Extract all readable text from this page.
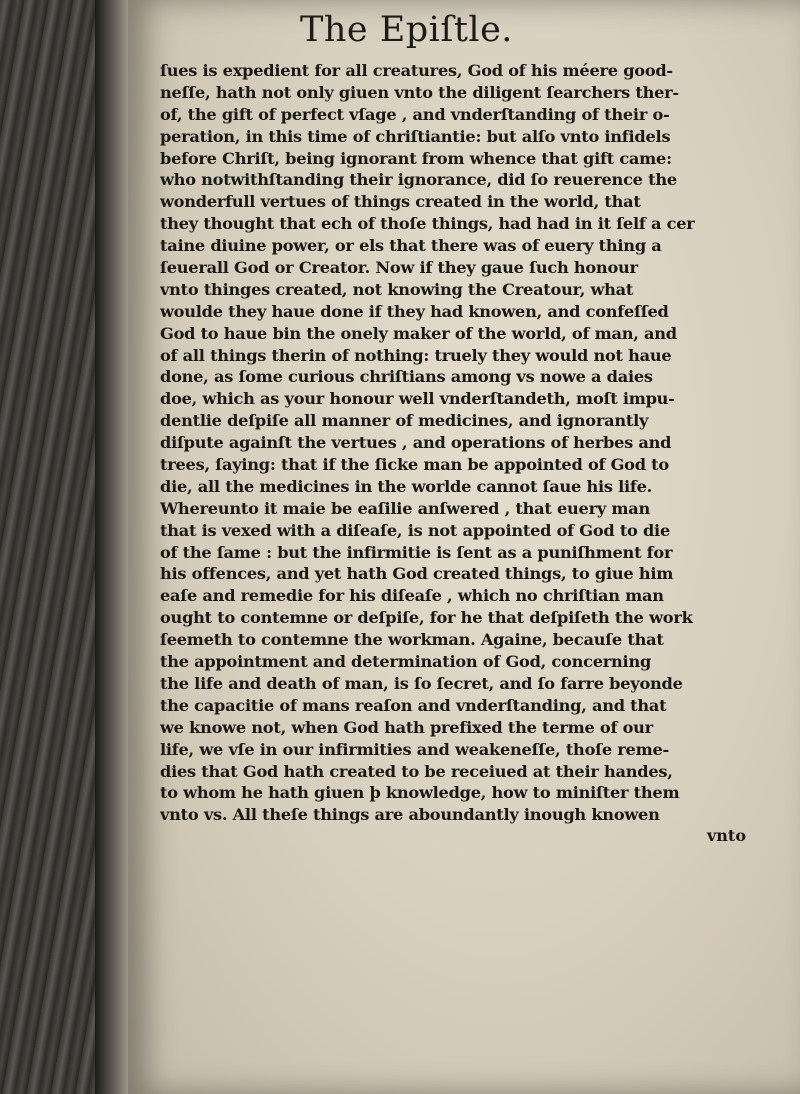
The Epiſtle.
ſues is expedient for all creatures, God of his méere good-
neſſe, hath not only giuen vnto the diligent ſearchers ther-
of, the gift of perfect vſage , and vnderſtanding of their o-
peration, in this time of chriſtiantie: but alſo vnto infidels
before Chriſt, being ignorant from whence that gift came:
who notwithſtanding their ignorance, did ſo reuerence the
wonderfull vertues of things created in the world, that
they thought that ech of thoſe things, had had in it ſelf a cer
taine diuine power, or els that there was of euery thing a
ſeuerall God or Creator. Now if they gaue ſuch honour
vnto thinges created, not knowing the Creatour, what
woulde they haue done if they had knowen, and confeſſed
God to haue bin the onely maker of the world, of man, and
of all things therin of nothing: truely they would not haue
done, as ſome curious chriſtians among vs nowe a daies
doe, which as your honour well vnderſtandeth, moſt impu-
dentlie deſpiſe all manner of medicines, and ignorantly
diſpute againſt the vertues , and operations of herbes and
trees, ſaying: that if the ſicke man be appointed of God to
die, all the medicines in the worlde cannot ſaue his life.
Whereunto it maie be eaſilie anſwered , that euery man
that is vexed with a diſeaſe, is not appointed of God to die
of the ſame : but the infirmitie is ſent as a puniſhment for
his offences, and yet hath God created things, to giue him
eaſe and remedie for his diſeaſe , which no chriſtian man
ought to contemne or deſpiſe, for he that deſpiſeth the work
ſeemeth to contemne the workman. Againe, becauſe that
the appointment and determination of God, concerning
the life and death of man, is ſo ſecret, and ſo farre beyonde
the capacitie of mans reaſon and vnderſtanding, and that
we knowe not, when God hath prefixed the terme of our
life, we vſe in our infirmities and weakeneſſe, thoſe reme-
dies that God hath created to be receiued at their handes,
to whom he hath giuen þ knowledge, how to miniſter them
vnto vs. All theſe things are aboundantly inough knowen
vnto
